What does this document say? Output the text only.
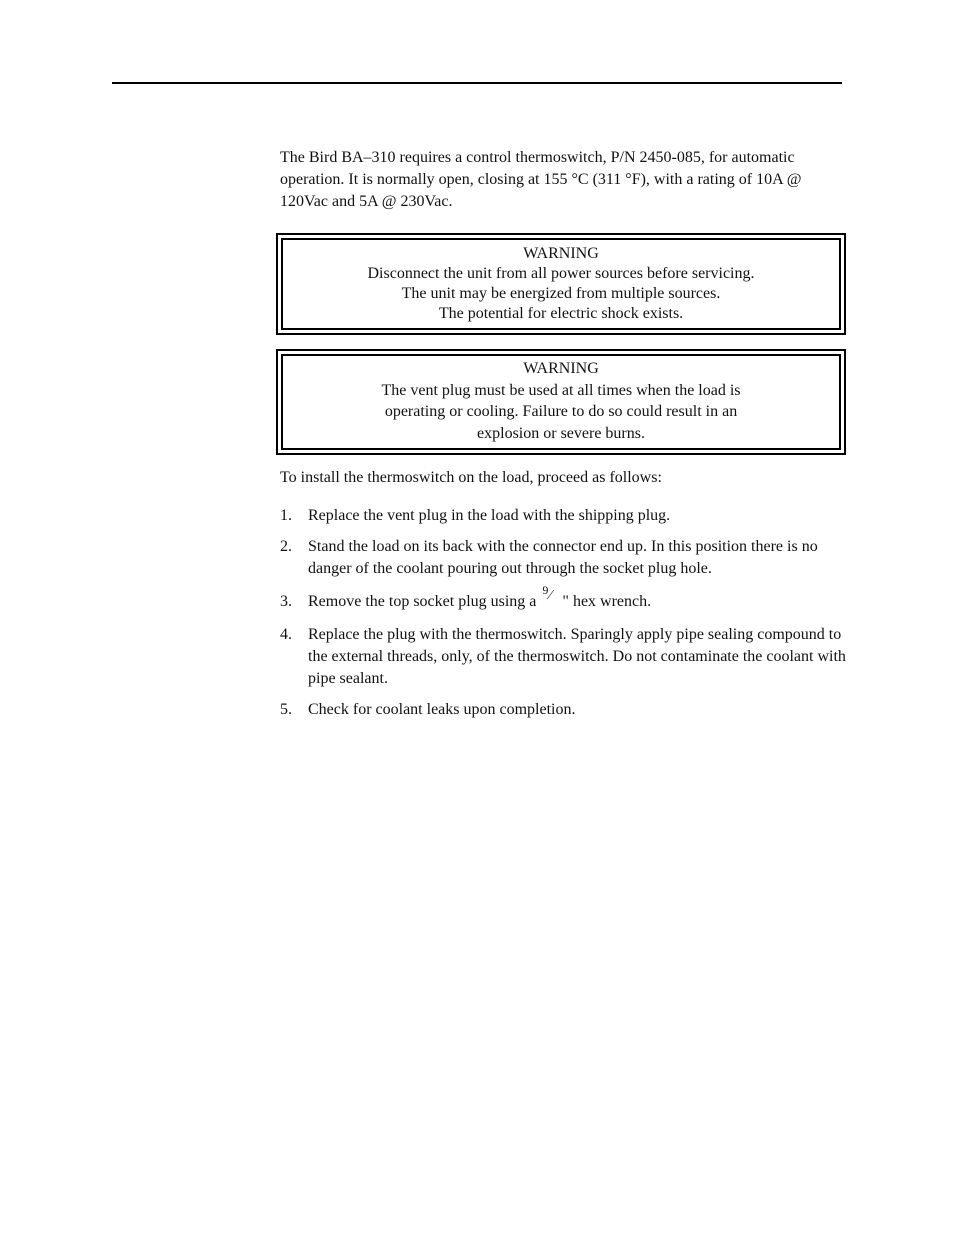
The Bird BA–310 requires a control thermoswitch, P/N 2450-085, for automatic operation. It is normally open, closing at 155 °C (311 °F), with a rating of 10A @ 120Vac and 5A @ 230Vac.

WARNING
Disconnect the unit from all power sources before servicing.
The unit may be energized from multiple sources.
The potential for electric shock exists.
WARNING
The vent plug must be used at all times when the load is
operating or cooling. Failure to do so could result in an
explosion or severe burns.

To install the thermoswitch on the load, proceed as follows:

1. Replace the vent plug in the load with the shipping plug.
2. Stand the load on its back with the connector end up. In this position there is no danger of the coolant pouring out through the socket plug hole.
3. Remove the top socket plug using a
9 ⁄ " hex wrench.
4. Replace the plug with the thermoswitch. Sparingly apply pipe sealing compound to the external threads, only, of the thermoswitch. Do not contaminate the coolant with pipe sealant.
5. Check for coolant leaks upon completion.
